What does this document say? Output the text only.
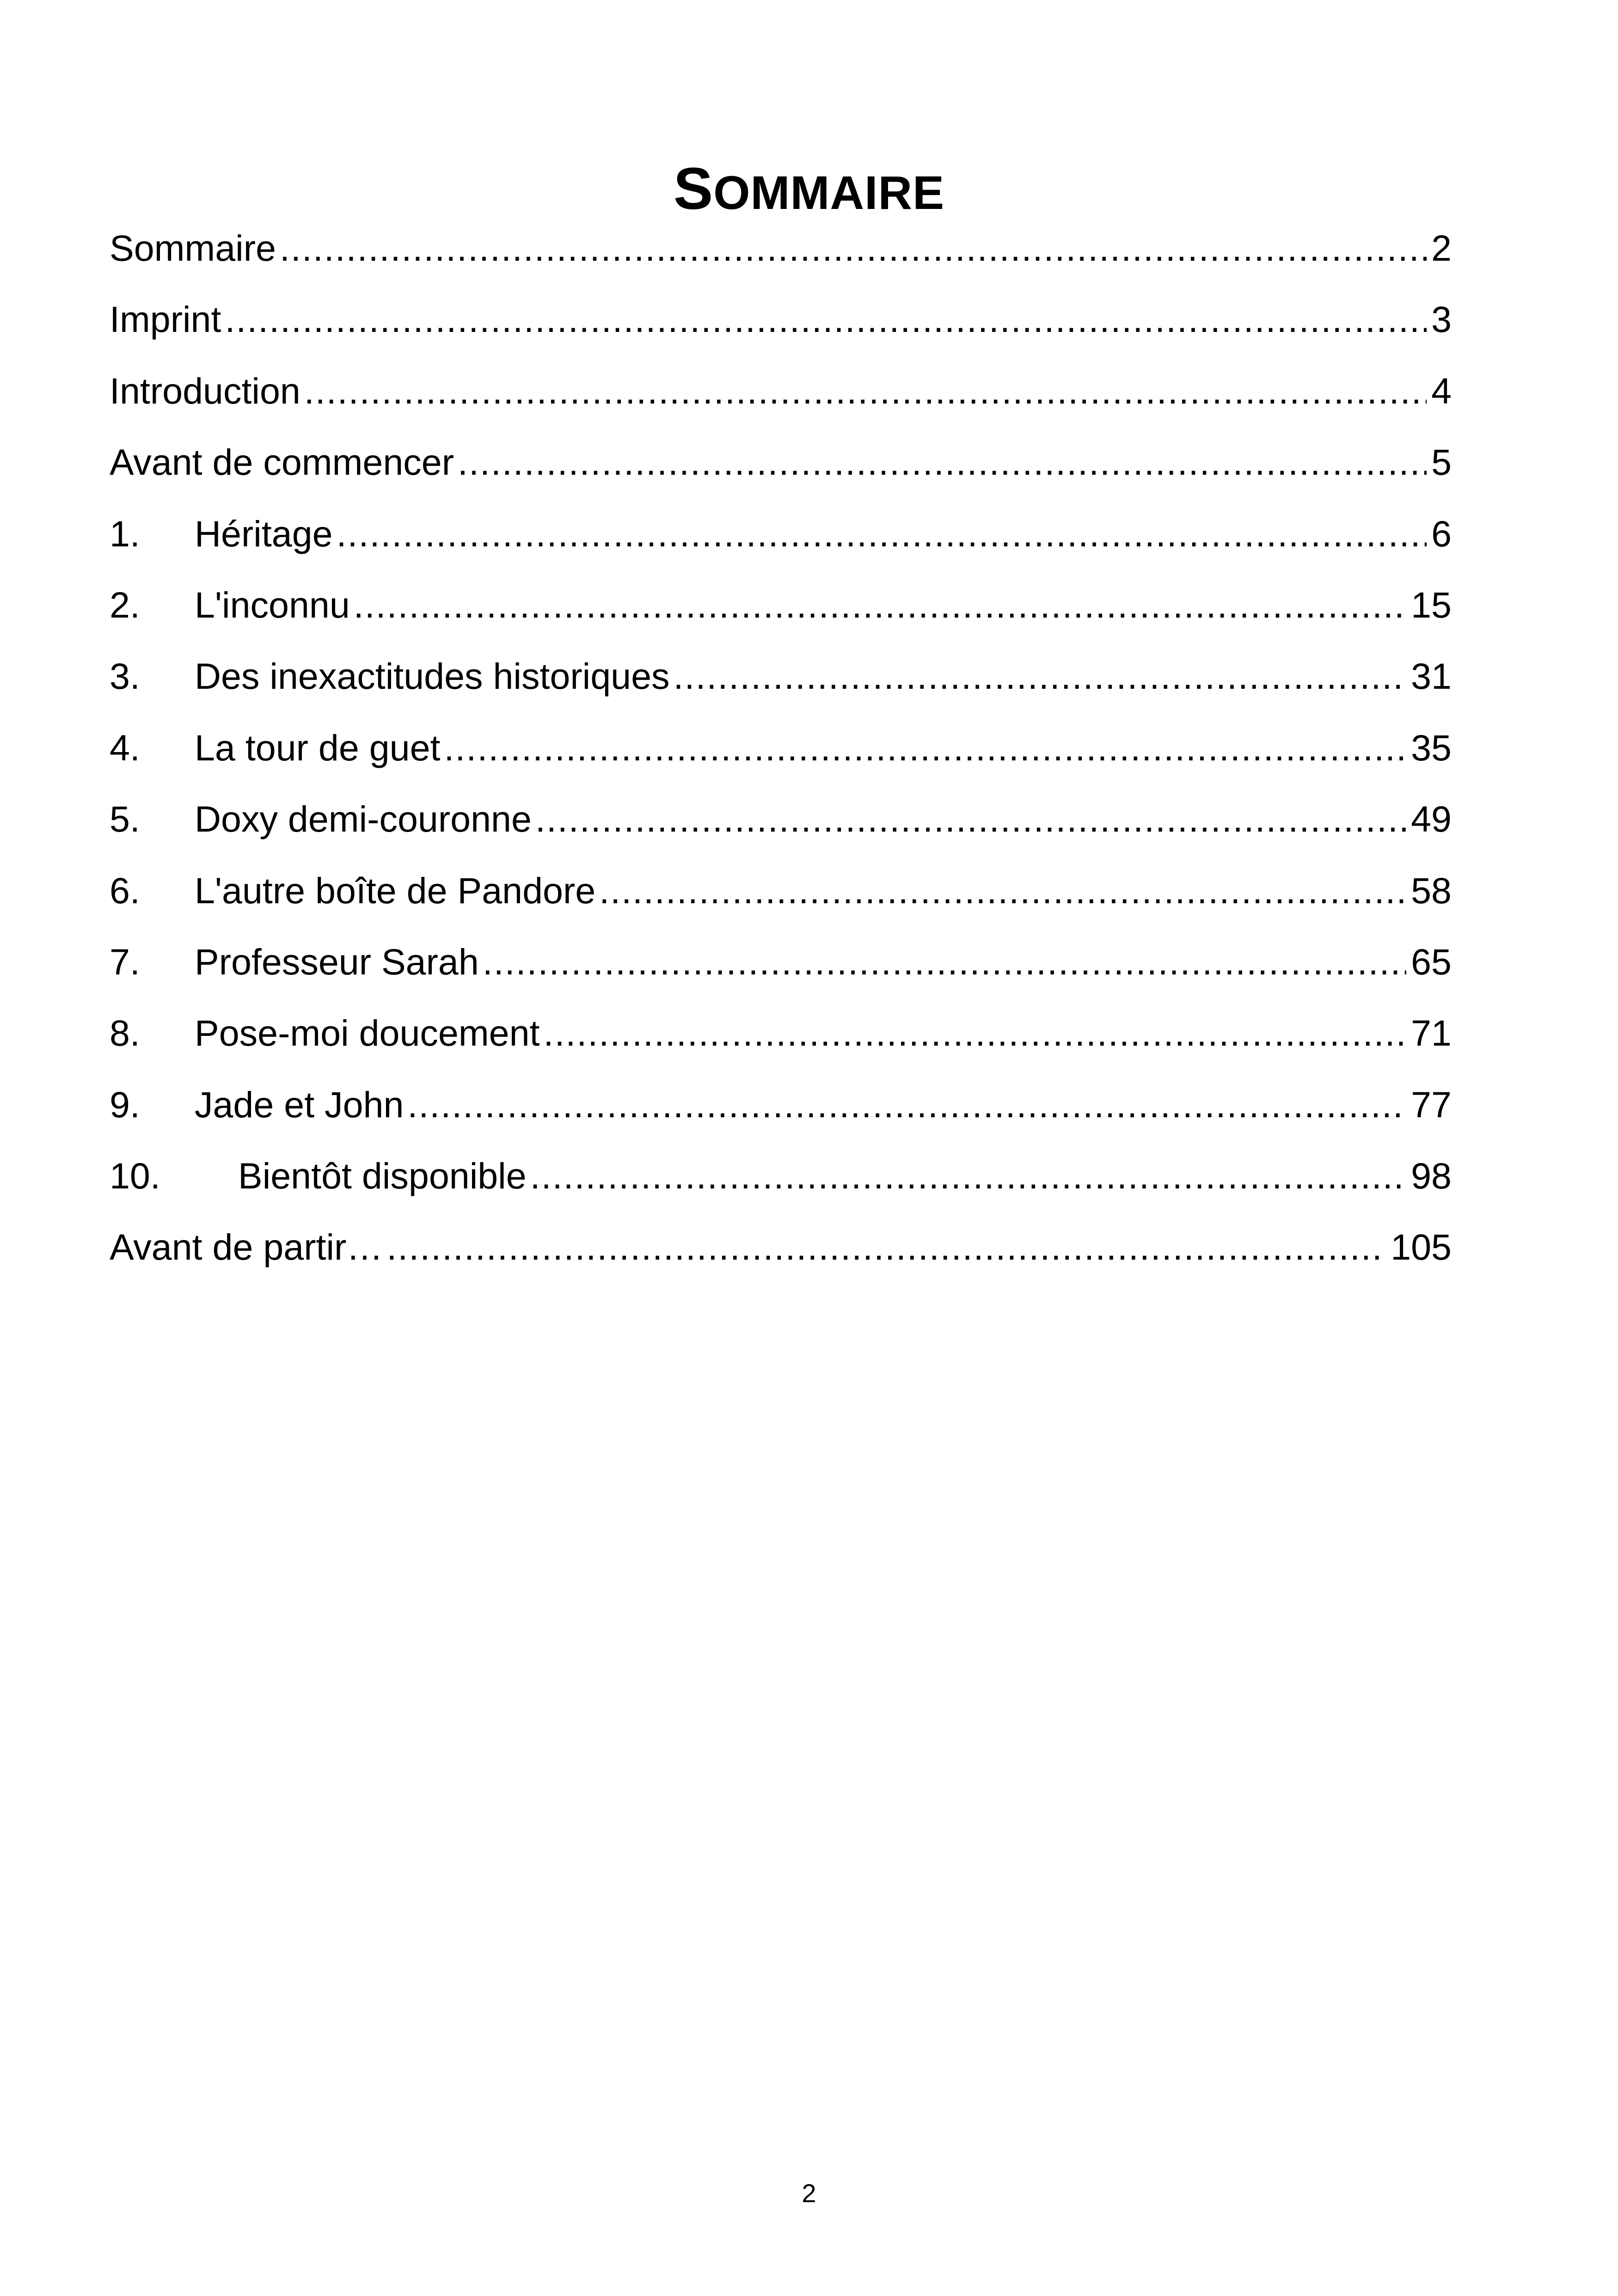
SOMMAIRE
Sommaire .....	2
Imprint .....	3
Introduction .....	4
Avant de commencer .....	5
1.	Héritage .....	6
2.	L'inconnu .....	15
3.	Des inexactitudes historiques .....	31
4.	La tour de guet .....	35
5.	Doxy demi-couronne .....	49
6.	L'autre boîte de Pandore .....	58
7.	Professeur Sarah .....	65
8.	Pose-moi doucement .....	71
9.	Jade et John .....	77
10.	Bientôt disponible .....	98
Avant de partir… .....	105
2
